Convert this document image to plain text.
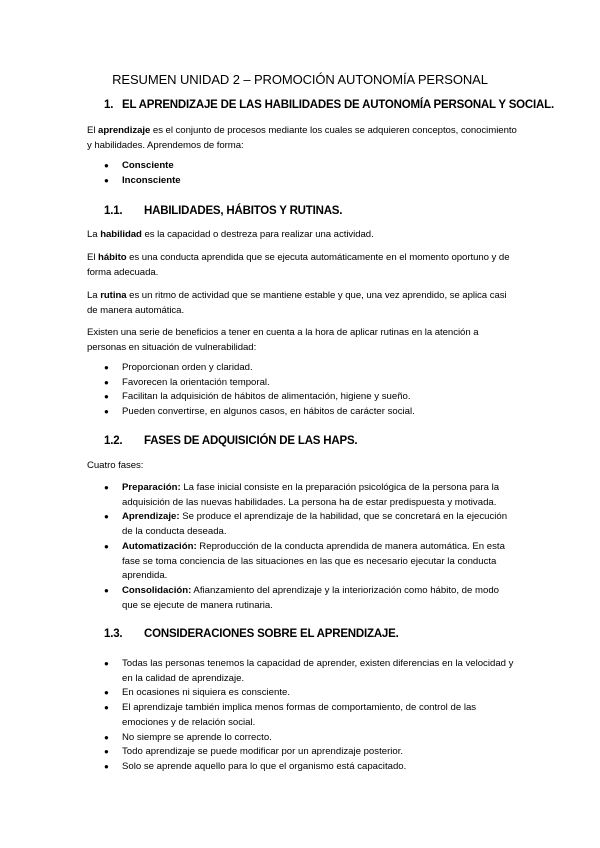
RESUMEN UNIDAD 2 – PROMOCIÓN AUTONOMÍA PERSONAL
1. EL APRENDIZAJE DE LAS HABILIDADES DE AUTONOMÍA PERSONAL Y SOCIAL.

El aprendizaje es el conjunto de procesos mediante los cuales se adquieren conceptos, conocimiento y habilidades. Aprendemos de forma:

● Consciente
● Inconsciente
1.1. HABILIDADES, HÁBITOS Y RUTINAS.

La habilidad es la capacidad o destreza para realizar una actividad.

El hábito es una conducta aprendida que se ejecuta automáticamente en el momento oportuno y de forma adecuada.

La rutina es un ritmo de actividad que se mantiene estable y que, una vez aprendido, se aplica casi de manera automática.

Existen una serie de beneficios a tener en cuenta a la hora de aplicar rutinas en la atención a personas en situación de vulnerabilidad:

● Proporcionan orden y claridad.
● Favorecen la orientación temporal.
● Facilitan la adquisición de hábitos de alimentación, higiene y sueño.
● Pueden convertirse, en algunos casos, en hábitos de carácter social.
1.2. FASES DE ADQUISICIÓN DE LAS HAPS.

Cuatro fases:

● Preparación: La fase inicial consiste en la preparación psicológica de la persona para la adquisición de las nuevas habilidades. La persona ha de estar predispuesta y motivada.
● Aprendizaje: Se produce el aprendizaje de la habilidad, que se concretará en la ejecución de la conducta deseada.
● Automatización: Reproducción de la conducta aprendida de manera automática. En esta fase se toma conciencia de las situaciones en las que es necesario ejecutar la conducta aprendida.
● Consolidación: Afianzamiento del aprendizaje y la interiorización como hábito, de modo que se ejecute de manera rutinaria.
1.3. CONSIDERACIONES SOBRE EL APRENDIZAJE.
● Todas las personas tenemos la capacidad de aprender, existen diferencias en la velocidad y en la calidad de aprendizaje.
● En ocasiones ni siquiera es consciente.
● El aprendizaje también implica menos formas de comportamiento, de control de las emociones y de relación social.
● No siempre se aprende lo correcto.
● Todo aprendizaje se puede modificar por un aprendizaje posterior.
● Solo se aprende aquello para lo que el organismo está capacitado.
